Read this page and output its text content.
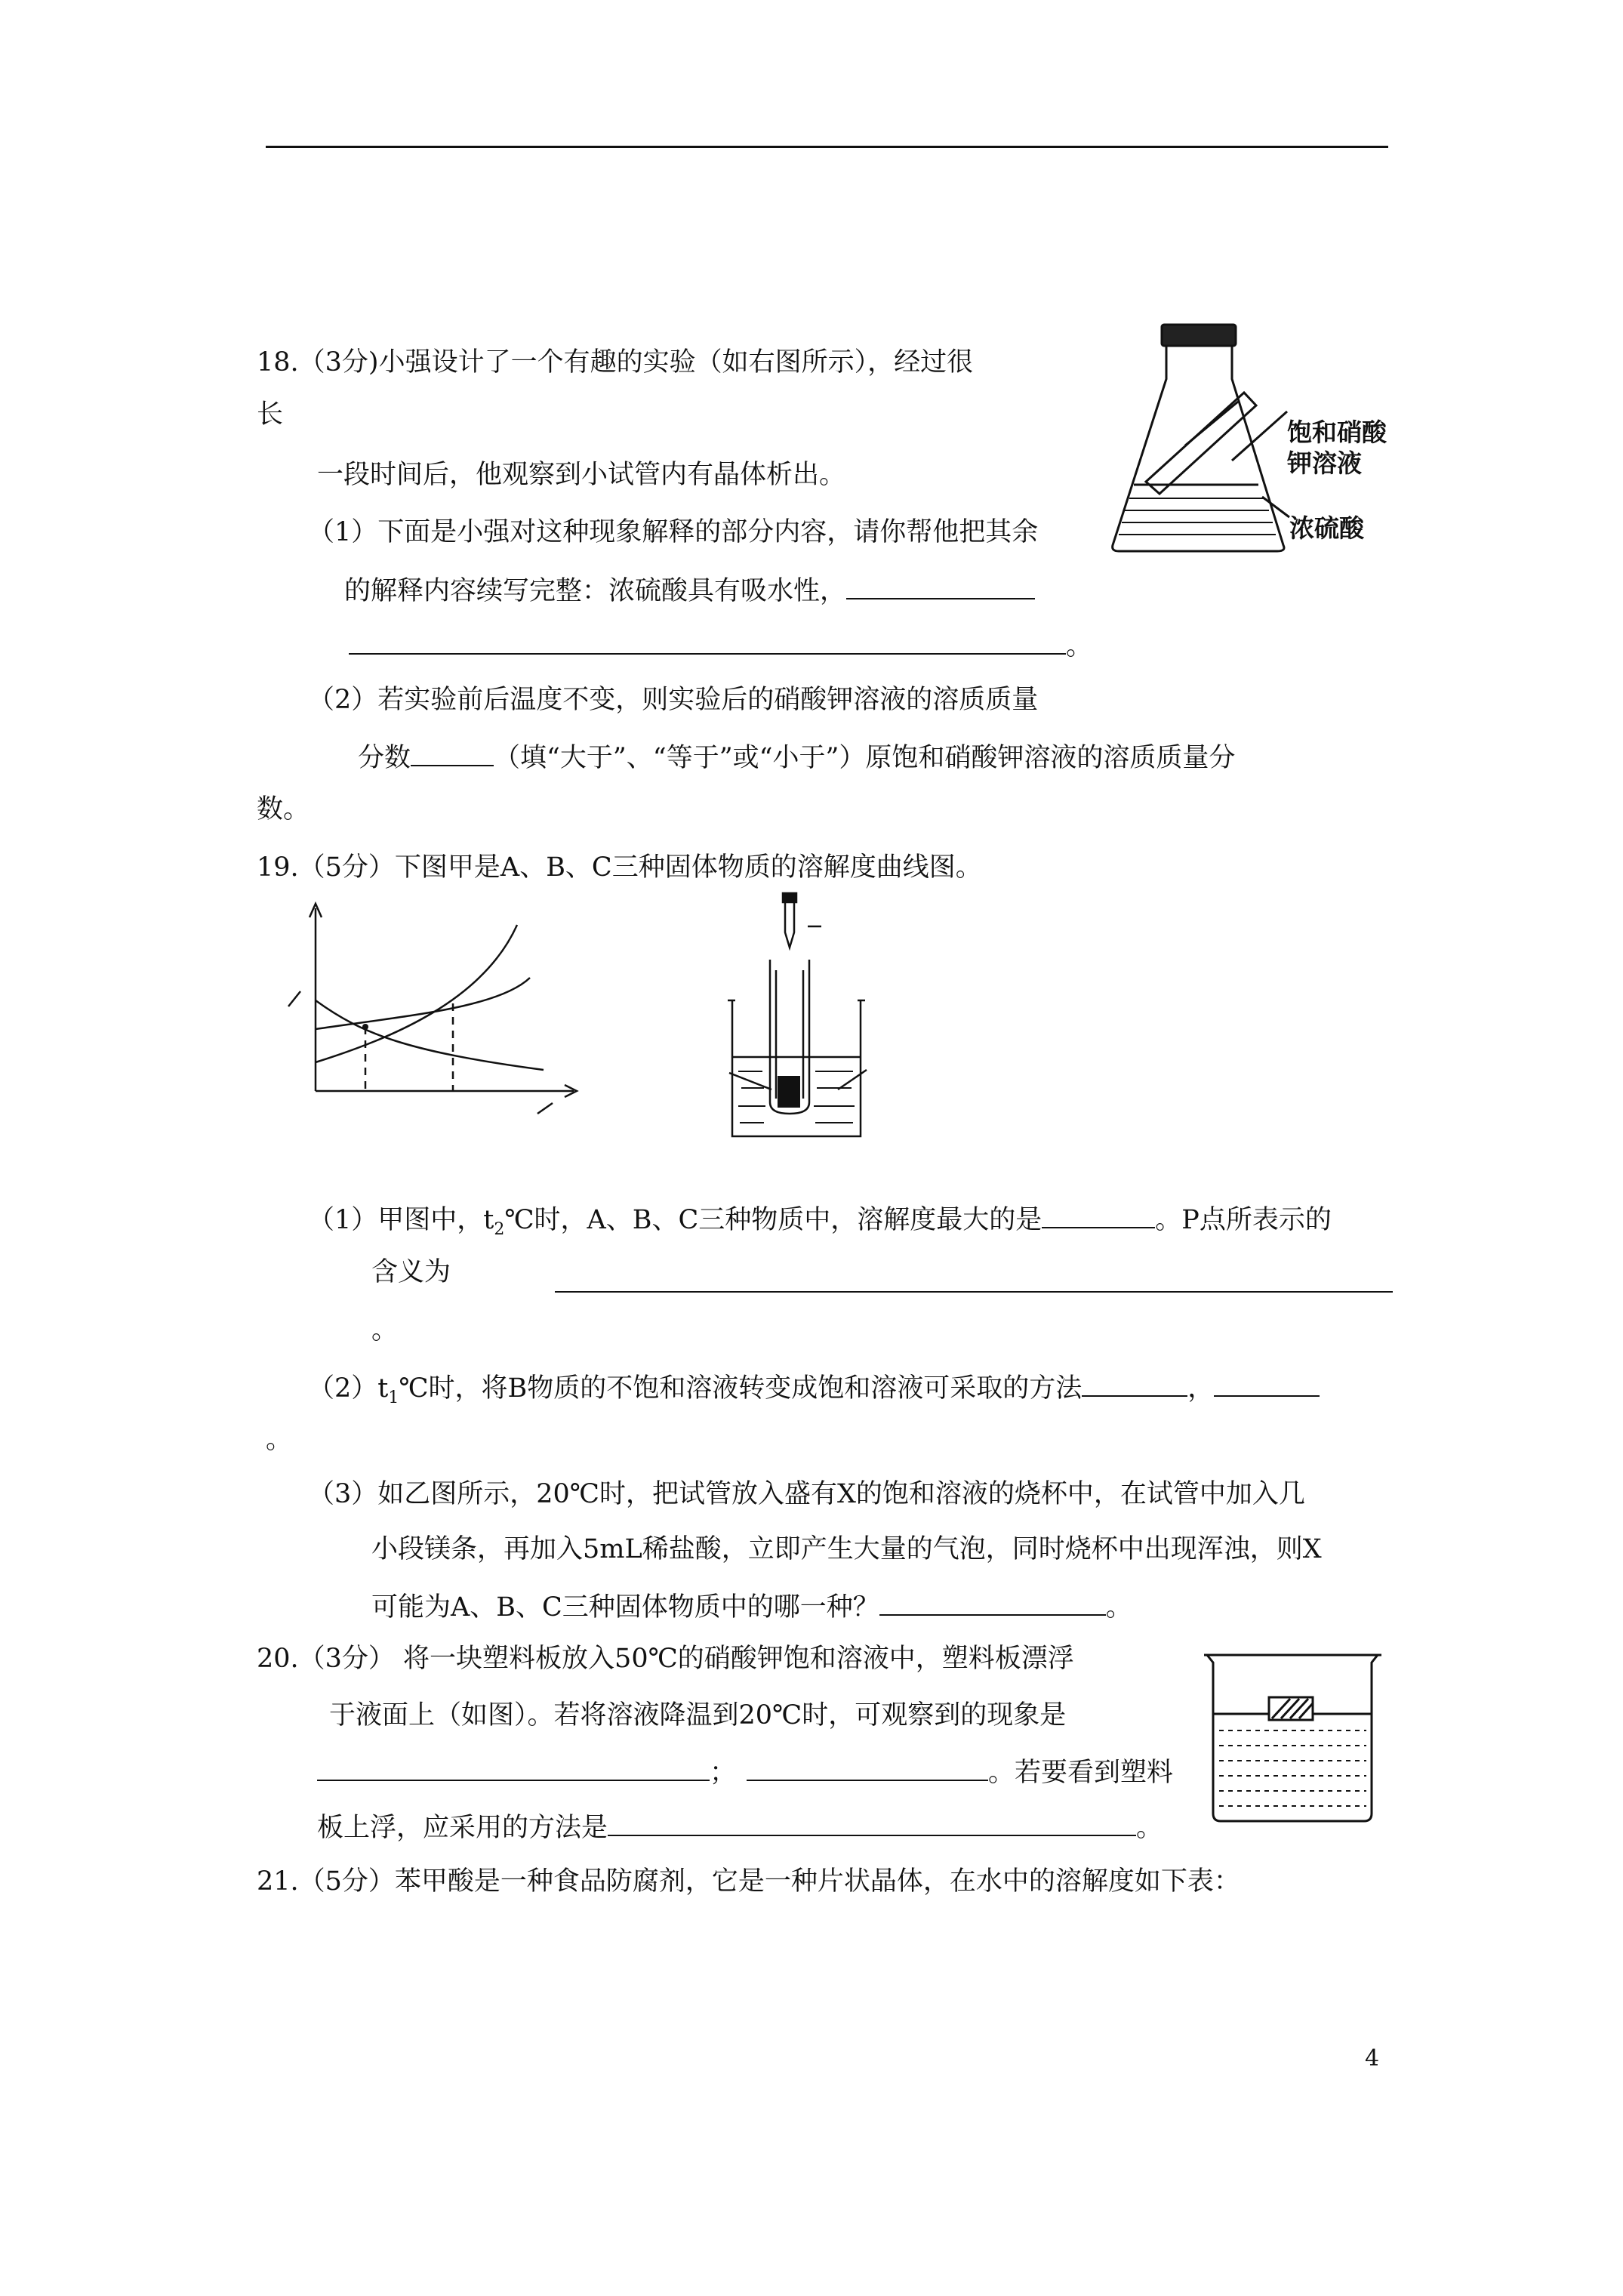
18.（3分)小强设计了一个有趣的实验（如右图所示），经过很
长
一段时间后，他观察到小试管内有晶体析出。
（1）下面是小强对这种现象解释的部分内容，请你帮他把其余
的解释内容续写完整：浓硫酸具有吸水性，
。
（2）若实验前后温度不变，则实验后的硝酸钾溶液的溶质质量
分数	（填“大于”、“等于”或“小于”）原饱和硝酸钾溶液的溶质质量分
数。
饱和硝酸
钾溶液
浓硫酸
19.（5分）下图甲是A、B、C三种固体物质的溶解度曲线图。
（1）甲图中，$t_2℃$时，A、B、C三种物质中，溶解度最大的是	。P点所表示的
含义为
。
$(2)t_1℃$时，将B物质的不饱和溶液转变成饱和溶液可采取的方法	，
。
（3）如乙图所示，20℃时，把试管放入盛有X的饱和溶液的烧杯中，在试管中加入几
小段镁条，再加入5mL稀盐酸，立即产生大量的气泡，同时烧杯中出现浑浊，则X
可能为A、B、C三种固体物质中的哪一种？	。
20.（3分） 将一块塑料板放入50℃的硝酸钾饱和溶液中，塑料板漂浮
于液面上（如图）。若将溶液降温到20℃时，可观察到的现象是
；	。若要看到塑料
板上浮，应采用的方法是	。
21.（5分）苯甲酸是一种食品防腐剂，它是一种片状晶体，在水中的溶解度如下表：
4
